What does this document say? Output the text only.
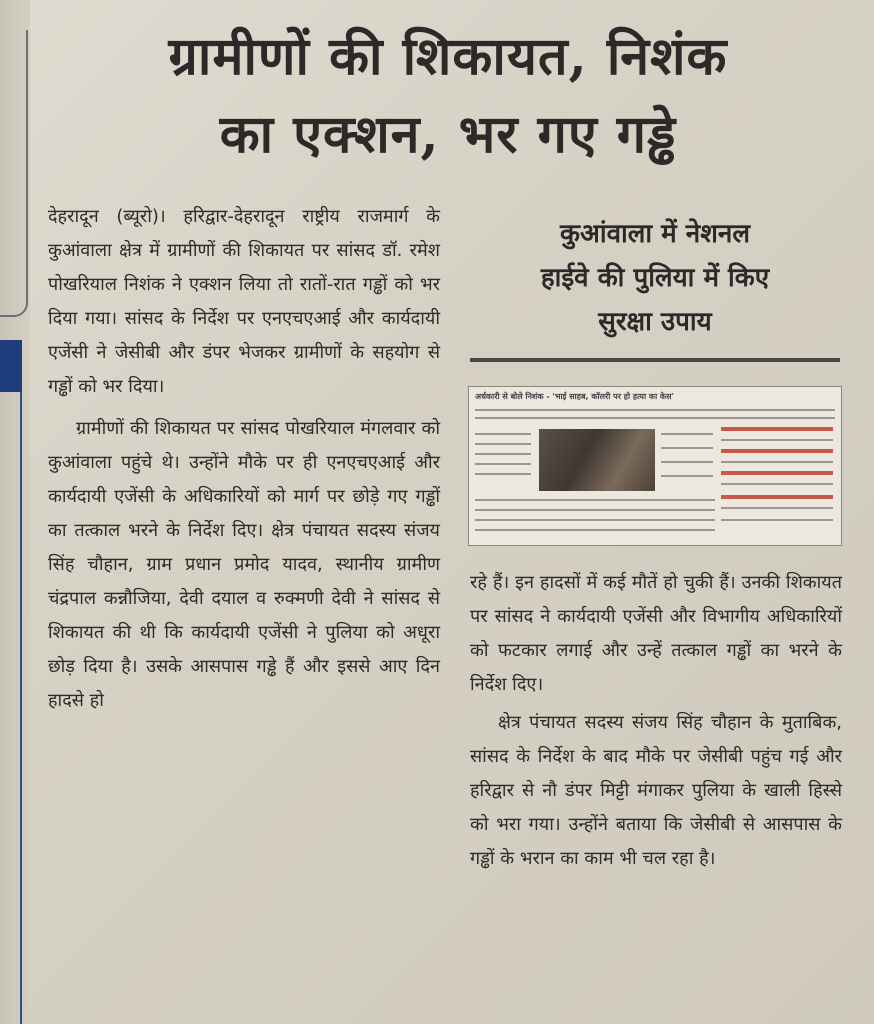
ग्रामीणों की शिकायत, निशंक
का एक्शन, भर गए गड्ढे

देहरादून (ब्यूरो)। हरिद्वार-देहरादून राष्ट्रीय राजमार्ग के कुआंवाला क्षेत्र में ग्रामीणों की शिकायत पर सांसद डॉ. रमेश पोखरियाल निशंक ने एक्शन लिया तो रातों-रात गड्ढों को भर दिया गया। सांसद के निर्देश पर एनएचएआई और कार्यदायी एजेंसी ने जेसीबी और डंपर भेजकर ग्रामीणों के सहयोग से गड्ढों को भर दिया।

ग्रामीणों की शिकायत पर सांसद पोखरियाल मंगलवार को कुआंवाला पहुंचे थे। उन्होंने मौके पर ही एनएचएआई और कार्यदायी एजेंसी के अधिकारियों को मार्ग पर छोड़े गए गड्ढों का तत्काल भरने के निर्देश दिए। क्षेत्र पंचायत सदस्य संजय सिंह चौहान, ग्राम प्रधान प्रमोद यादव, स्थानीय ग्रामीण चंद्रपाल कन्नौजिया, देवी दयाल व रुक्मणी देवी ने सांसद से शिकायत की थी कि कार्यदायी एजेंसी ने पुलिया को अधूरा छोड़ दिया है। उसके आसपास गड्ढे हैं और इससे आए दिन हादसे हो

कुआंवाला में नेशनल
हाईवे की पुलिया में किए
सुरक्षा उपाय
अर्धकारी से बोले निशंक - 'भाई साहब, कॉलरी पर हो हत्या का केस'

रहे हैं। इन हादसों में कई मौतें हो चुकी हैं। उनकी शिकायत पर सांसद ने कार्यदायी एजेंसी और विभागीय अधिकारियों को फटकार लगाई और उन्हें तत्काल गड्ढों का भरने के निर्देश दिए।

क्षेत्र पंचायत सदस्य संजय सिंह चौहान के मुताबिक, सांसद के निर्देश के बाद मौके पर जेसीबी पहुंच गई और हरिद्वार से नौ डंपर मिट्टी मंगाकर पुलिया के खाली हिस्से को भरा गया। उन्होंने बताया कि जेसीबी से आसपास के गड्ढों के भरान का काम भी चल रहा है।
